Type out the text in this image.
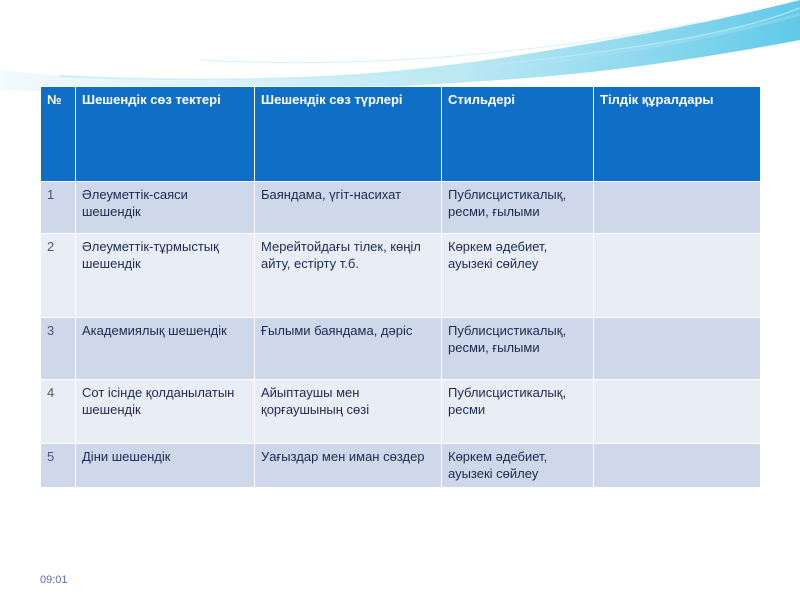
№	Шешендік сөз тектері	Шешендік сөз түрлері	Стильдері	Тілдік құралдары
1	Әлеуметтік-саяси шешендік	Баяндама, үгіт-насихат	Публисцистикалық, ресми, ғылыми	
2	Әлеуметтік-тұрмыстық шешендік	Мерейтойдағы тілек, көңіл айту, естірту т.б.	Көркем әдебиет, ауызекі сөйлеу	
3	Академиялық шешендік	Ғылыми баяндама, дәріс	Публисцистикалық, ресми, ғылыми	
4	Сот ісінде қолданылатын шешендік	Айыптаушы мен қорғаушының сөзі	Публисцистикалық, ресми	
5	Діни шешендік	Уағыздар мен иман сөздер	Көркем әдебиет, ауызекі сөйлеу	
09:01
